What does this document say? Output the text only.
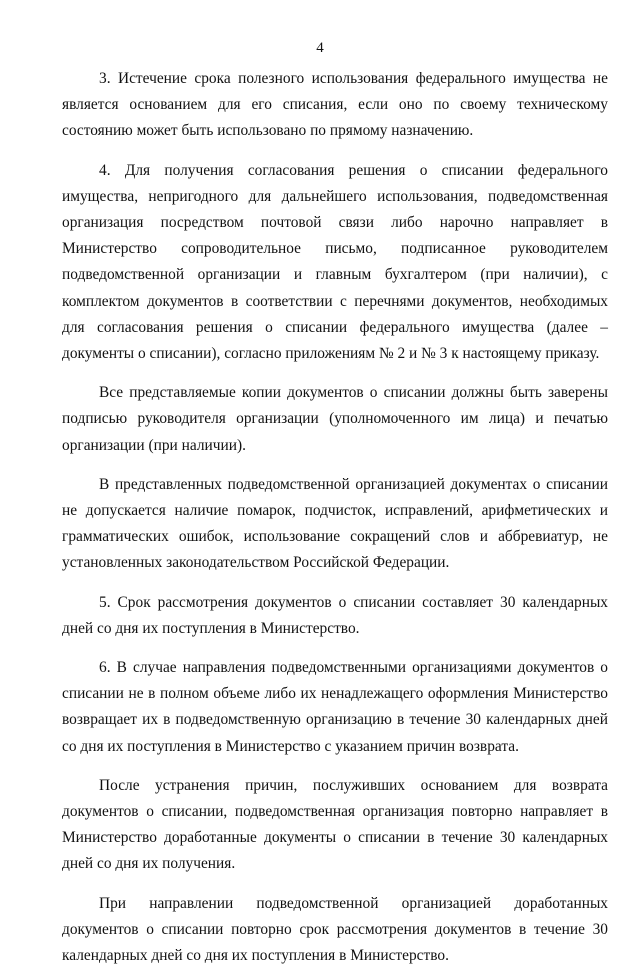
4

3. Истечение срока полезного использования федерального имущества не является основанием для его списания, если оно по своему техническому состоянию может быть использовано по прямому назначению.

4. Для получения согласования решения о списании федерального имущества, непригодного для дальнейшего использования, подведомственная организация посредством почтовой связи либо нарочно направляет в Министерство сопроводительное письмо, подписанное руководителем подведомственной организации и главным бухгалтером (при наличии), с комплектом документов в соответствии с перечнями документов, необходимых для согласования решения о списании федерального имущества (далее – документы о списании), согласно приложениям № 2 и № 3 к настоящему приказу.

Все представляемые копии документов о списании должны быть заверены подписью руководителя организации (уполномоченного им лица) и печатью организации (при наличии).

В представленных подведомственной организацией документах о списании не допускается наличие помарок, подчисток, исправлений, арифметических и грамматических ошибок, использование сокращений слов и аббревиатур, не установленных законодательством Российской Федерации.

5. Срок рассмотрения документов о списании составляет 30 календарных дней со дня их поступления в Министерство.

6. В случае направления подведомственными организациями документов о списании не в полном объеме либо их ненадлежащего оформления Министерство возвращает их в подведомственную организацию в течение 30 календарных дней со дня их поступления в Министерство с указанием причин возврата.

После устранения причин, послуживших основанием для возврата документов о списании, подведомственная организация повторно направляет в Министерство доработанные документы о списании в течение 30 календарных дней со дня их получения.

При направлении подведомственной организацией доработанных документов о списании повторно срок рассмотрения документов в течение 30 календарных дней со дня их поступления в Министерство.
